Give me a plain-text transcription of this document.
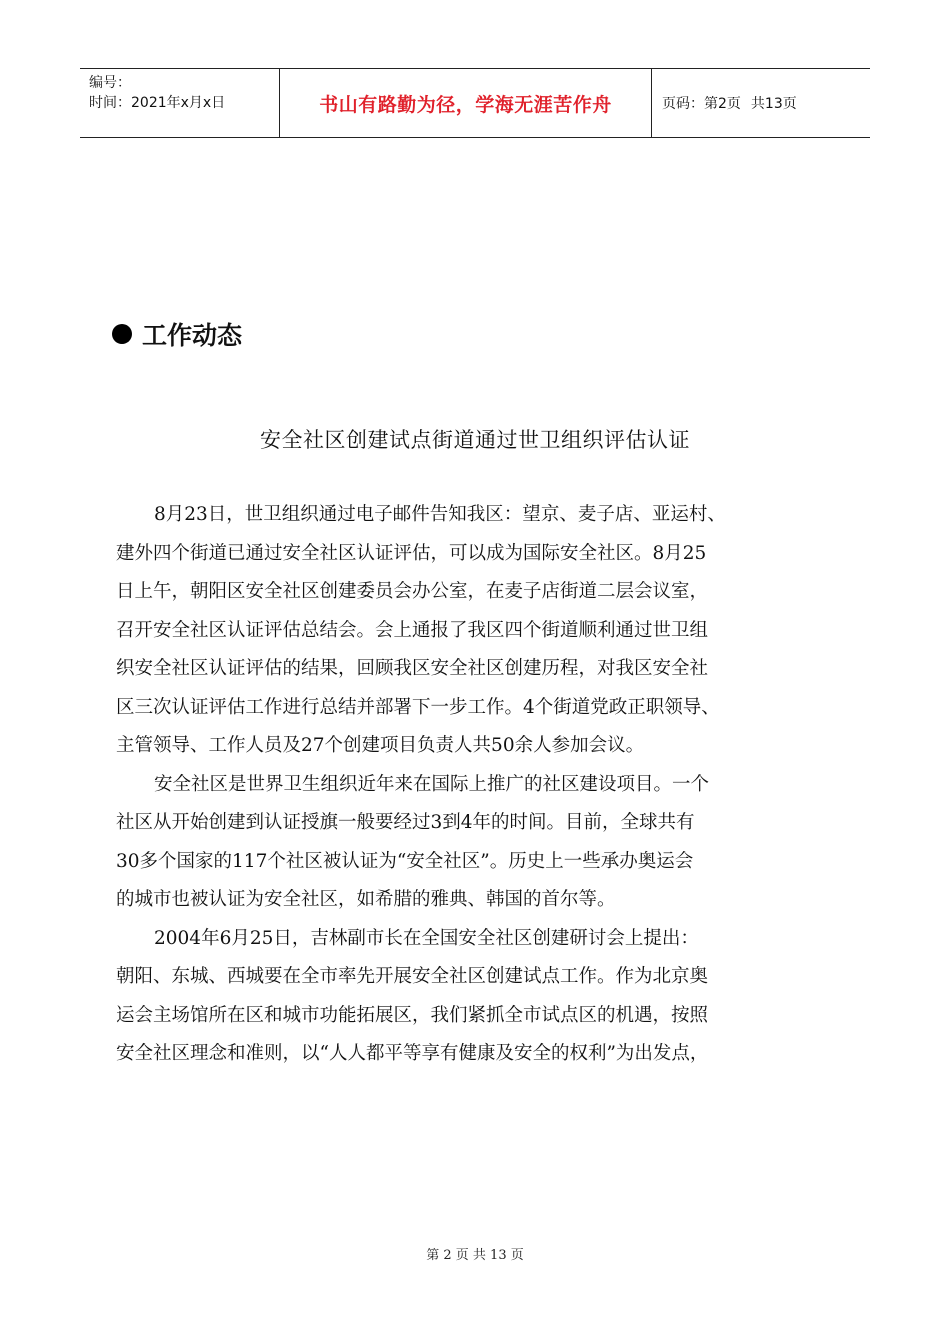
编号：
时间：2021年x月x日	书山有路勤为径，学海无涯苦作舟	页码：第2页 共13页
工作动态
安全社区创建试点街道通过世卫组织评估认证
8月23日，世卫组织通过电子邮件告知我区：望京、麦子店、亚运村、
建外四个街道已通过安全社区认证评估，可以成为国际安全社区。8月25
日上午，朝阳区安全社区创建委员会办公室，在麦子店街道二层会议室，
召开安全社区认证评估总结会。会上通报了我区四个街道顺利通过世卫组
织安全社区认证评估的结果，回顾我区安全社区创建历程，对我区安全社
区三次认证评估工作进行总结并部署下一步工作。4个街道党政正职领导、
主管领导、工作人员及27个创建项目负责人共50余人参加会议。
安全社区是世界卫生组织近年来在国际上推广的社区建设项目。一个
社区从开始创建到认证授旗一般要经过3到4年的时间。目前，全球共有
30多个国家的117个社区被认证为“安全社区”。历史上一些承办奥运会
的城市也被认证为安全社区，如希腊的雅典、韩国的首尔等。
2004年6月25日，吉林副市长在全国安全社区创建研讨会上提出：
朝阳、东城、西城要在全市率先开展安全社区创建试点工作。作为北京奥
运会主场馆所在区和城市功能拓展区，我们紧抓全市试点区的机遇，按照
安全社区理念和准则，以“人人都平等享有健康及安全的权利”为出发点，
第 2 页 共 13 页
